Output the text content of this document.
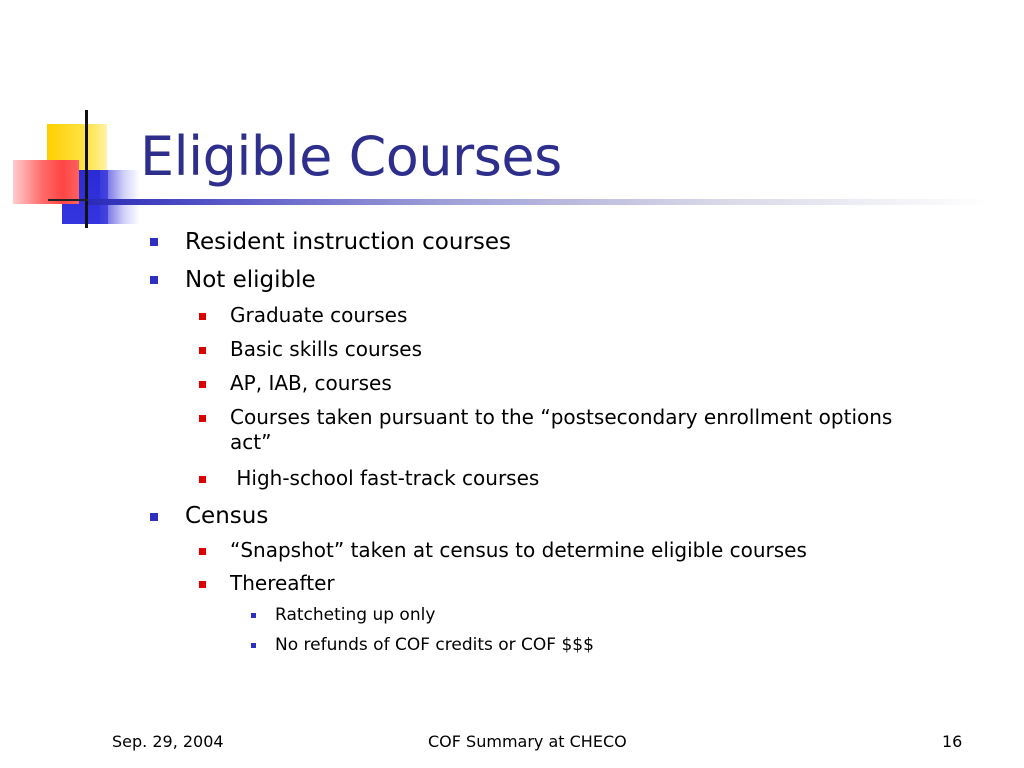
Eligible Courses
Resident instruction courses
Not eligible
Graduate courses
Basic skills courses
AP, IAB, courses
Courses taken pursuant to the “postsecondary enrollment options
act”
High-school fast-track courses
Census
“Snapshot” taken at census to determine eligible courses
Thereafter
Ratcheting up only
No refunds of COF credits or COF $$$
Sep. 29, 2004	COF Summary at CHECO	16
